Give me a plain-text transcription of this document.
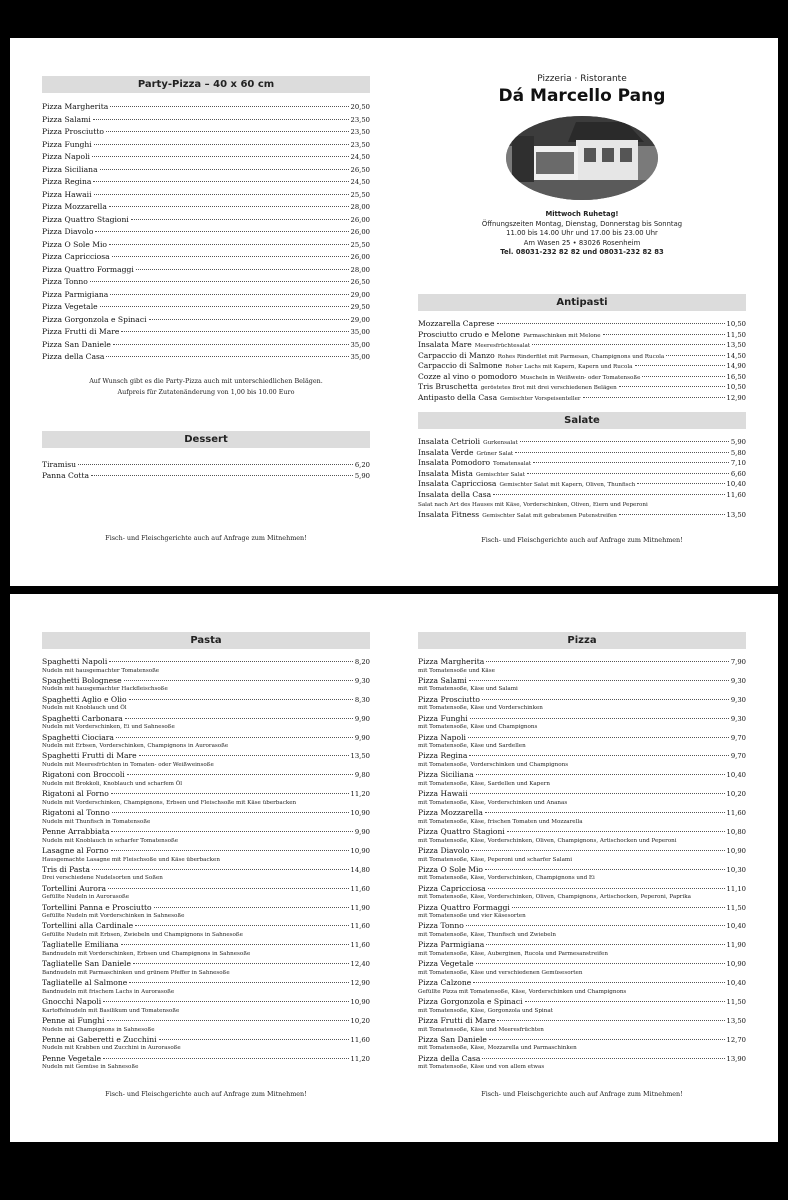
Party-Pizza – 40 x 60 cm
Pizza Margherita	20,50
Pizza Salami	23,50
Pizza Prosciutto	23,50
Pizza Funghi	23,50
Pizza Napoli	24,50
Pizza Siciliana	26,50
Pizza Regina	24,50
Pizza Hawaii	25,50
Pizza Mozzarella	28,00
Pizza Quattro Stagioni	26,00
Pizza Diavolo	26,00
Pizza O Sole Mio	25,50
Pizza Capricciosa	26,00
Pizza Quattro Formaggi	28,00
Pizza Tonno	26,50
Pizza Parmigiana	29,00
Pizza Vegetale	29,50
Pizza Gorgonzola e Spinaci	29,00
Pizza Frutti di Mare	35,00
Pizza San Daniele	35,00
Pizza della Casa	35,00
Auf Wunsch gibt es die Party-Pizza auch mit unterschiedlichen Belägen.
Aufpreis für Zutatenänderung von 1,00 bis 10.00 Euro
Dessert
Tiramisu	6,20
Panna Cotta	5,90
Fisch- und Fleischgerichte auch auf Anfrage zum Mitnehmen!
Pizzeria · Ristorante
Dá Marcello Pang
Mittwoch Ruhetag!
Öffnungszeiten Montag, Dienstag, Donnerstag bis Sonntag
11.00 bis 14.00 Uhr und 17.00 bis 23.00 Uhr
Am Wasen 25 • 83026 Rosenheim
Tel. 08031-232 82 82 und 08031-232 82 83
Antipasti
Mozzarella Caprese	10,50
Prosciutto crudo e Melone Parmaschinken mit Melone	11,50
Insalata Mare Meeresfrüchtesalat	13,50
Carpaccio di Manzo Rohes Rinderfilet mit Parmesan, Champignons und Rucola	14,50
Carpaccio di Salmone Roher Lachs mit Kapern, Kapern und Rucola	14,90
Cozze al vino o pomodoro Muscheln in Weißwein- oder Tomatensoße	16,50
Tris Bruschetta geröstetes Brot mit drei verschiedenen Belägen	10,50
Antipasto della Casa Gemischter Vorspeisenteller	12,90
Salate
Insalata Cetrioli Gurkensalat	5,90
Insalata Verde Grüner Salat	5,80
Insalata Pomodoro Tomatensalat	7,10
Insalata Mista Gemischter Salat	6,60
Insalata Capricciosa Gemischter Salat mit Kapern, Oliven, Thunfisch	10,40
Insalata della Casa	11,60
Salat nach Art des Hauses mit Käse, Vorderschinken, Oliven, Eiern und Peperoni
Insalata Fitness Gemischter Salat mit gebratenen Putenstreifen	13,50
Fisch- und Fleischgerichte auch auf Anfrage zum Mitnehmen!
Pasta
Spaghetti Napoli	8,20
Nudeln mit hausgemachter Tomatensoße
Spaghetti Bolognese	9,30
Nudeln mit hausgemachter Hackfleischsoße
Spaghetti Aglio e Olio	8,30
Nudeln mit Knoblauch und Öl
Spaghetti Carbonara	9,90
Nudeln mit Vorderschinken, Ei und Sahnesoße
Spaghetti Ciociara	9,90
Nudeln mit Erbsen, Vorderschinken, Champignons in Aurorasoße
Spaghetti Frutti di Mare	13,50
Nudeln mit Meeresfrüchten in Tomaten- oder Weißweinsoße
Rigatoni con Broccoli	9,80
Nudeln mit Brokkoli, Knoblauch und scharfem Öl
Rigatoni al Forno	11,20
Nudeln mit Vorderschinken, Champignons, Erbsen und Fleischsoße mit Käse überbacken
Rigatoni al Tonno	10,90
Nudeln mit Thunfisch in Tomatensoße
Penne Arrabbiata	9,90
Nudeln mit Knoblauch in scharfer Tomatensoße
Lasagne al Forno	10,90
Hausgemachte Lasagne mit Fleischsoße und Käse überbacken
Tris di Pasta	14,80
Drei verschiedene Nudelsorten und Soßen
Tortellini Aurora	11,60
Gefüllte Nudeln in Aurorasoße
Tortellini Panna e Prosciutto	11,90
Gefüllte Nudeln mit Vorderschinken in Sahnesoße
Tortellini alla Cardinale	11,60
Gefüllte Nudeln mit Erbsen, Zwiebeln und Champignons in Sahnesoße
Tagliatelle Emiliana	11,60
Bandnudeln mit Vorderschinken, Erbsen und Champignons in Sahnesoße
Tagliatelle San Daniele	12,40
Bandnudeln mit Parmaschinken und grünem Pfeffer in Sahnesoße
Tagliatelle al Salmone	12,90
Bandnudeln mit frischem Lachs in Aurorasoße
Gnocchi Napoli	10,90
Kartoffelnudeln mit Basilikum und Tomatensoße
Penne ai Funghi	10,20
Nudeln mit Champignons in Sahnesoße
Penne ai Gaberetti e Zucchini	11,60
Nudeln mit Krabben und Zucchini in Aurorasoße
Penne Vegetale	11,20
Nudeln mit Gemüse in Sahnesoße
Fisch- und Fleischgerichte auch auf Anfrage zum Mitnehmen!
Pizza
Pizza Margherita	7,90
mit Tomatensoße und Käse
Pizza Salami	9,30
mit Tomatensoße, Käse und Salami
Pizza Prosciutto	9,30
mit Tomatensoße, Käse und Vorderschinken
Pizza Funghi	9,30
mit Tomatensoße, Käse und Champignons
Pizza Napoli	9,70
mit Tomatensoße, Käse und Sardellen
Pizza Regina	9,70
mit Tomatensoße, Vorderschinken und Champignons
Pizza Siciliana	10,40
mit Tomatensoße, Käse, Sardellen und Kapern
Pizza Hawaii	10,20
mit Tomatensoße, Käse, Vorderschinken und Ananas
Pizza Mozzarella	11,60
mit Tomatensoße, Käse, frischen Tomaten und Mozzarella
Pizza Quattro Stagioni	10,80
mit Tomatensoße, Käse, Vorderschinken, Oliven, Champignons, Artischocken und Peperoni
Pizza Diavolo	10,90
mit Tomatensoße, Käse, Peperoni und scharfer Salami
Pizza O Sole Mio	10,30
mit Tomatensoße, Käse, Vorderschinken, Champignons und Ei
Pizza Capricciosa	11,10
mit Tomatensoße, Käse, Vorderschinken, Oliven, Champignons, Artischocken, Peperoni, Paprika
Pizza Quattro Formaggi	11,50
mit Tomatensoße und vier Käsesorten
Pizza Tonno	10,40
mit Tomatensoße, Käse, Thunfisch und Zwiebeln
Pizza Parmigiana	11,90
mit Tomatensoße, Käse, Auberginen, Rucola und Parmesanstreifen
Pizza Vegetale	10,90
mit Tomatensoße, Käse und verschiedenen Gemüsesorten
Pizza Calzone	10,40
Gefüllte Pizza mit Tomatensoße, Käse, Vorderschinken und Champignons
Pizza Gorgonzola e Spinaci	11,50
mit Tomatensoße, Käse, Gorgonzola und Spinat
Pizza Frutti di Mare	13,50
mit Tomatensoße, Käse und Meeresfrüchten
Pizza San Daniele	12,70
mit Tomatensoße, Käse, Mozzarella und Parmaschinken
Pizza della Casa	13,90
mit Tomatensoße, Käse und von allem etwas
Fisch- und Fleischgerichte auch auf Anfrage zum Mitnehmen!
